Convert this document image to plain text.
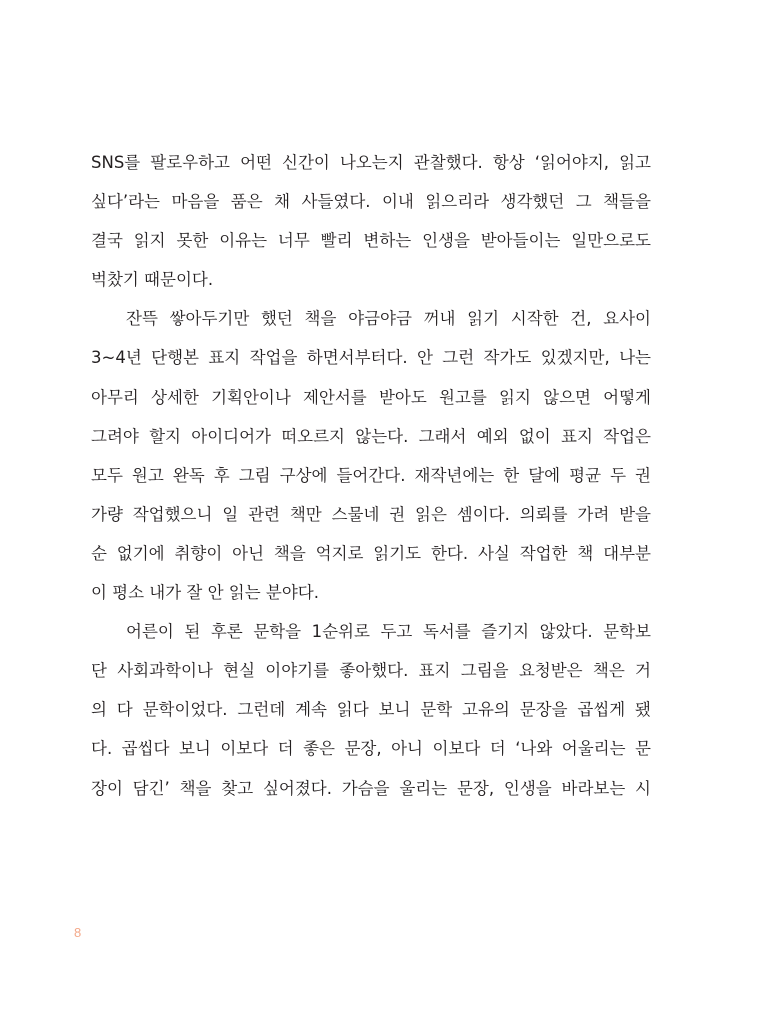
SNS를 팔로우하고 어떤 신간이 나오는지 관찰했다. 항상 ‘읽어야지, 읽고
싶다’라는 마음을 품은 채 사들였다. 이내 읽으리라 생각했던 그 책들을
결국 읽지 못한 이유는 너무 빨리 변하는 인생을 받아들이는 일만으로도
벅찼기 때문이다.
잔뜩 쌓아두기만 했던 책을 야금야금 꺼내 읽기 시작한 건, 요사이
3~4년 단행본 표지 작업을 하면서부터다. 안 그런 작가도 있겠지만, 나는
아무리 상세한 기획안이나 제안서를 받아도 원고를 읽지 않으면 어떻게
그려야 할지 아이디어가 떠오르지 않는다. 그래서 예외 없이 표지 작업은
모두 원고 완독 후 그림 구상에 들어간다. 재작년에는 한 달에 평균 두 권
가량 작업했으니 일 관련 책만 스물네 권 읽은 셈이다. 의뢰를 가려 받을
순 없기에 취향이 아닌 책을 억지로 읽기도 한다. 사실 작업한 책 대부분
이 평소 내가 잘 안 읽는 분야다.
어른이 된 후론 문학을 1순위로 두고 독서를 즐기지 않았다. 문학보
단 사회과학이나 현실 이야기를 좋아했다. 표지 그림을 요청받은 책은 거
의 다 문학이었다. 그런데 계속 읽다 보니 문학 고유의 문장을 곱씹게 됐
다. 곱씹다 보니 이보다 더 좋은 문장, 아니 이보다 더 ‘나와 어울리는 문
장이 담긴’ 책을 찾고 싶어졌다. 가슴을 울리는 문장, 인생을 바라보는 시
8
